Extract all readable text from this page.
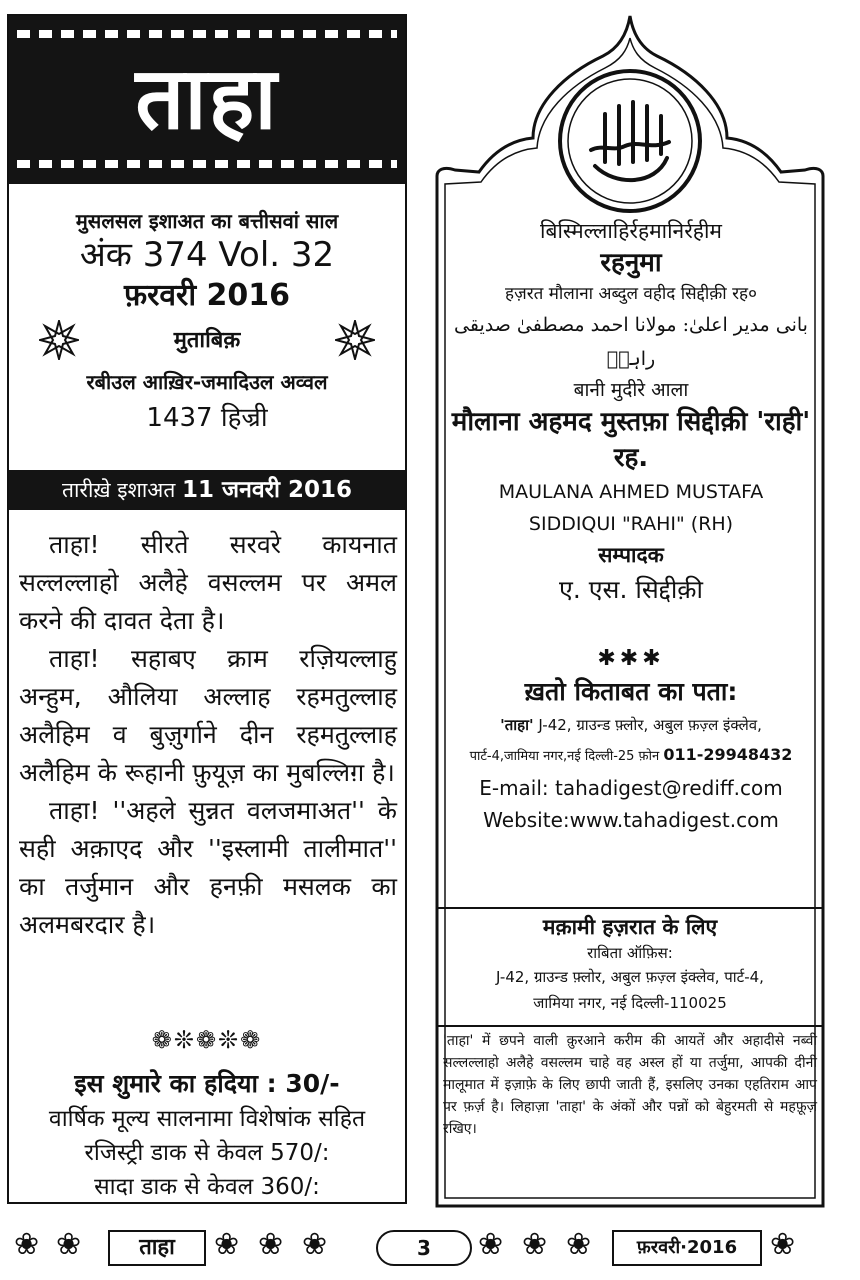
ताहा
मुसलसल इशाअत का बत्तीसवां साल
अंक 374 Vol. 32
फ़रवरी 2016
मुताबिक़
रबीउल आख़िर-जमादिउल अव्वल
1437 हिज्री
तारीख़े इशाअत 11 जनवरी 2016

ताहा! सीरते सरवरे कायनात सल्लल्लाहो अलैहे वसल्लम पर अमल करने की दावत देता है।

ताहा! सहाबए क्राम रज़ियल्लाहु अन्हुम, औलिया अल्लाह रहमतुल्लाह अलैहिम व बुज़ुर्गाने दीन रहमतुल्लाह अलैहिम के रूहानी फ़ुयूज़ का मुबल्लिग़ है।

ताहा! ''अहले सुन्नत वलजमाअत'' के सही अक़ाएद और ''इस्लामी तालीमात'' का तर्जुमान और हनफ़ी मसलक का अलमबरदार है।

❁❊❁❊❁
इस शुमारे का हदिया : 30/-
वार्षिक मूल्य सालनामा विशेषांक सहित
रजिस्ट्री डाक से केवल 570/:
सादा डाक से केवल 360/:
बिस्मिल्लाहिर्रहमानिर्रहीम
रहनुमा
हज़रत मौलाना अब्दुल वहीद सिद्दीक़ी रह०
بانی مدیر اعلیٰ: مولانا احمد مصطفیٰ صدیقی راہیؔ
बानी मुदीरे आला
मौलाना अहमद मुस्तफ़ा सिद्दीक़ी 'राही' रह.
MAULANA AHMED MUSTAFA
SIDDIQUI "RAHI" (RH)
सम्पादक
ए. एस. सिद्दीक़ी
✱✱✱
ख़तो किताबत का पता:
'ताहा' J-42, ग्राउन्ड फ़्लोर, अबुल फ़ज़्ल इंक्लेव,
पार्ट-4,जामिया नगर,नई दिल्ली-25 फ़ोन 011-29948432
E-mail: tahadigest@rediff.com
Website:www.tahadigest.com
मक़ामी हज़रात के लिए
राबिता ऑफ़िस:
J-42, ग्राउन्ड फ़्लोर, अबुल फ़ज़्ल इंक्लेव, पार्ट-4,
जामिया नगर, नई दिल्ली-110025
'ताहा' में छपने वाली क़ुरआने करीम की आयतें और अहादीसे नब्वी सल्लल्लाहो अलैहे वसल्लम चाहे वह अस्ल हों या तर्जुमा, आपकी दीनी मालूमात में इज़ाफ़े के लिए छापी जाती हैं, इसलिए उनका एहतिराम आप पर फ़र्ज़ है। लिहाज़ा 'ताहा' के अंकों और पन्नों को बेहुरमती से महफ़ूज़ रखिए।
❀ ❀	ताहा	❀ ❀ ❀	3	❀ ❀ ❀	फ़रवरी·2016	❀
